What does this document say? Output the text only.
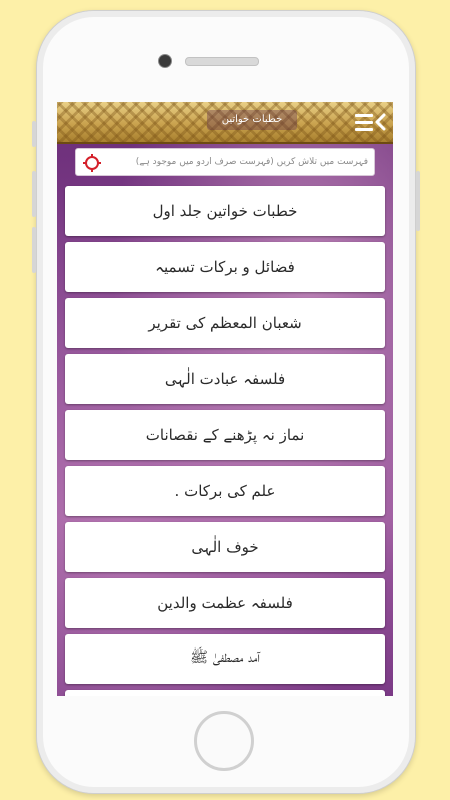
خطبات خواتین
فہرست میں تلاش کریں (فہرست صرف اردو میں موجود ہے)
خطبات خواتین جلد اول
فضائل و برکات تسمیہ
شعبان المعظم کی تقریر
فلسفہ عبادت الٰہی
نماز نہ پڑھنے کے نقصانات
علم کی برکات .
خوف الٰہی
فلسفہ عظمت والدین
آمد مصطفیٰ ﷺ
